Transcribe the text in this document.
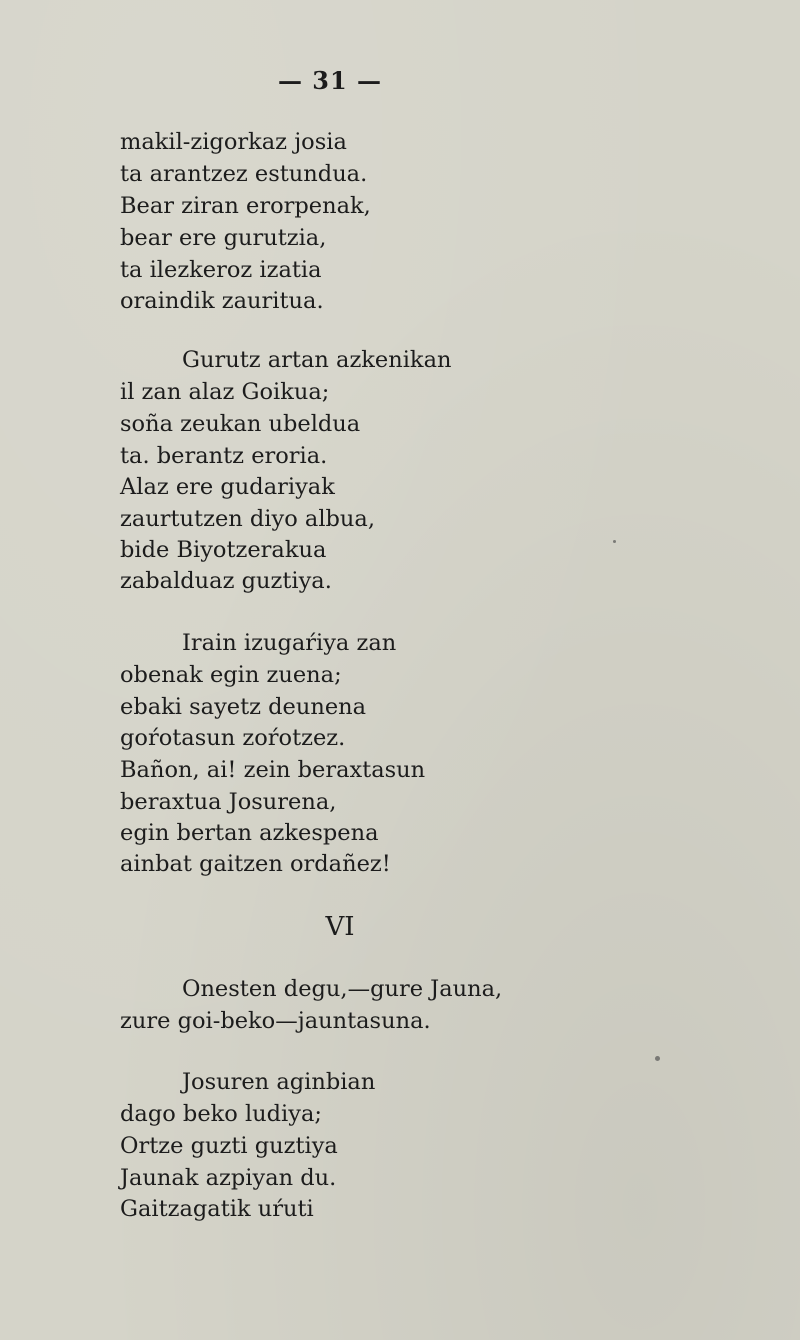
— 31 —

makil-zigorkaz josia

ta arantzez estundua.

Bear ziran erorpenak,

bear ere gurutzia,

ta ilezkeroz izatia

oraindik zauritua.

Gurutz artan azkenikan

il zan alaz Goikua;

soña zeukan ubeldua

ta. berantz eroria.

Alaz ere gudariyak

zaurtutzen diyo albua,

bide Biyotzerakua

zabalduaz guztiya.

Irain izugaŕiya zan

obenak egin zuena;

ebaki sayetz deunena

goŕotasun zoŕotzez.

Bañon, ai! zein beraxtasun

beraxtua Josurena,

egin bertan azkespena

ainbat gaitzen ordañez!

VI

Onesten degu,—gure Jauna,

zure goi-beko—jauntasuna.

Josuren aginbian

dago beko ludiya;

Ortze guzti guztiya

Jaunak azpiyan du.

Gaitzagatik uŕuti
